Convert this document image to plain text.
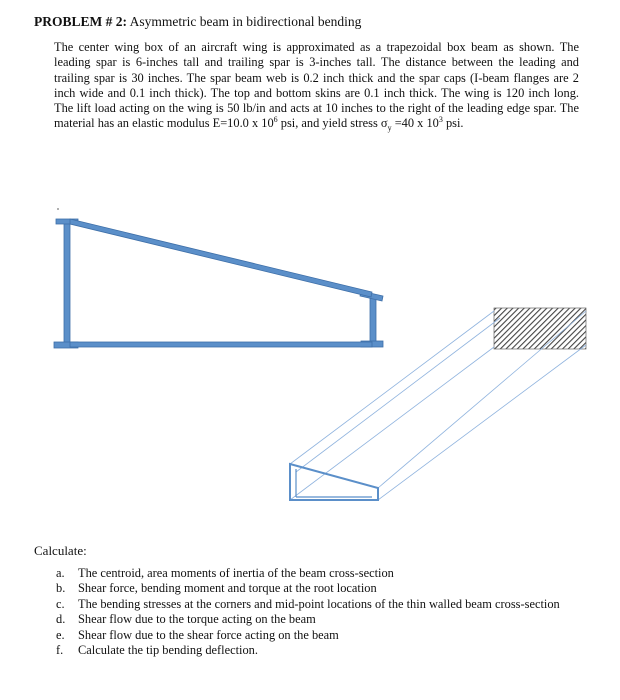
PROBLEM # 2: Asymmetric beam in bidirectional bending

The center wing box of an aircraft wing is approximated as a trapezoidal box beam as shown. The leading spar is 6-inches tall and trailing spar is 3-inches tall. The distance between the leading and trailing spar is 30 inches. The spar beam web is 0.2 inch thick and the spar caps (I-beam flanges are 2 inch wide and 0.1 inch thick). The top and bottom skins are 0.1 inch thick. The wing is 120 inch long. The lift load acting on the wing is 50 lb/in and acts at 10 inches to the right of the leading edge spar. The material has an elastic modulus E=10.0 x $10^6$ psi, and yield stress $\sigma_y =40$ x $10^3$ psi.

Calculate:
a. The centroid, area moments of inertia of the beam cross-section
b. Shear force, bending moment and torque at the root location
c. The bending stresses at the corners and mid-point locations of the thin walled beam cross-section
d. Shear flow due to the torque acting on the beam
e. Shear flow due to the shear force acting on the beam
f. Calculate the tip bending deflection.
